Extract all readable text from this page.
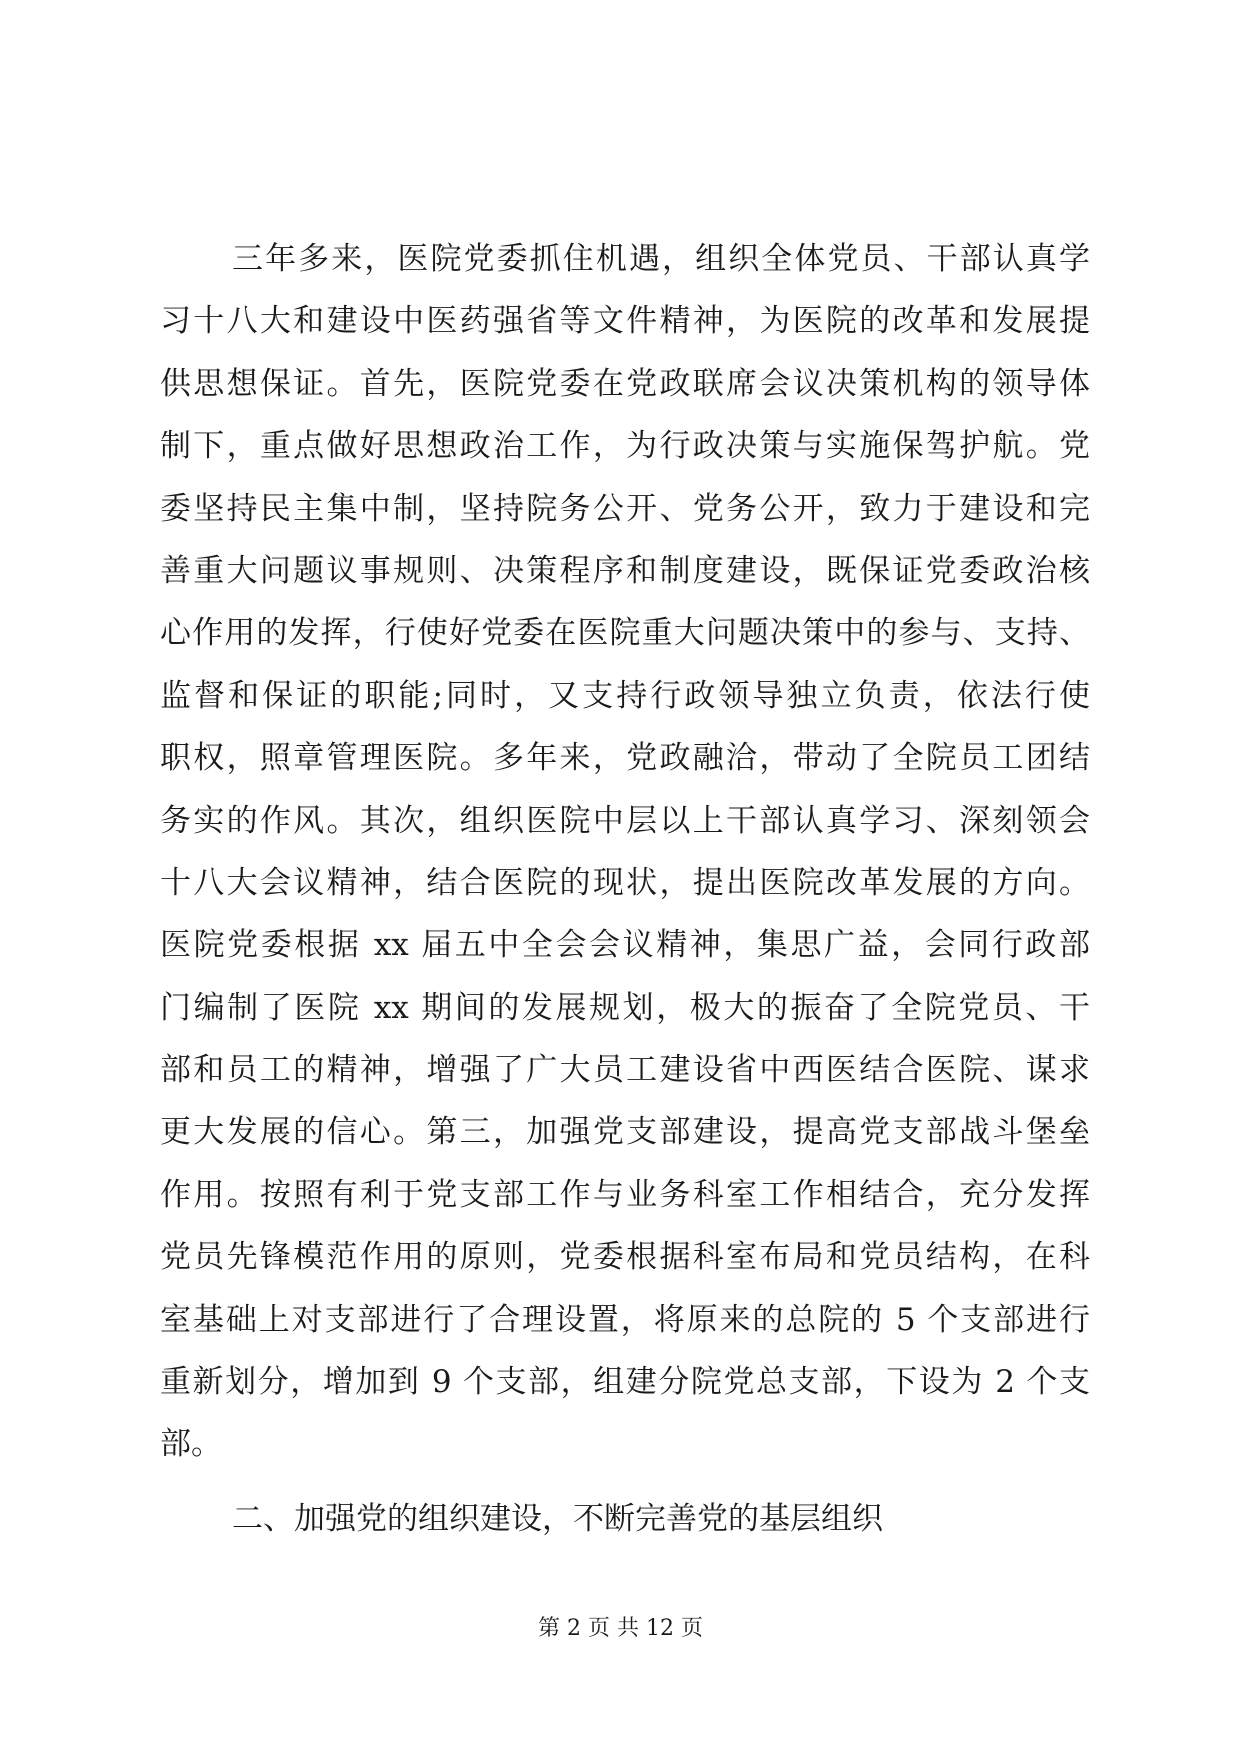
三年多来，医院党委抓住机遇，组织全体党员、干部认真学
习十八大和建设中医药强省等文件精神，为医院的改革和发展提
供思想保证。首先，医院党委在党政联席会议决策机构的领导体
制下，重点做好思想政治工作，为行政决策与实施保驾护航。党
委坚持民主集中制，坚持院务公开、党务公开，致力于建设和完
善重大问题议事规则、决策程序和制度建设，既保证党委政治核
心作用的发挥，行使好党委在医院重大问题决策中的参与、支持、
监督和保证的职能;同时，又支持行政领导独立负责，依法行使
职权，照章管理医院。多年来，党政融洽，带动了全院员工团结
务实的作风。其次，组织医院中层以上干部认真学习、深刻领会
十八大会议精神，结合医院的现状，提出医院改革发展的方向。
医院党委根据 xx 届五中全会会议精神，集思广益，会同行政部
门编制了医院 xx 期间的发展规划，极大的振奋了全院党员、干
部和员工的精神，增强了广大员工建设省中西医结合医院、谋求
更大发展的信心。第三，加强党支部建设，提高党支部战斗堡垒
作用。按照有利于党支部工作与业务科室工作相结合，充分发挥
党员先锋模范作用的原则，党委根据科室布局和党员结构，在科
室基础上对支部进行了合理设置，将原来的总院的 5 个支部进行
重新划分，增加到 9 个支部，组建分院党总支部，下设为 2 个支
部。
二、加强党的组织建设，不断完善党的基层组织
第 2 页 共 12 页
